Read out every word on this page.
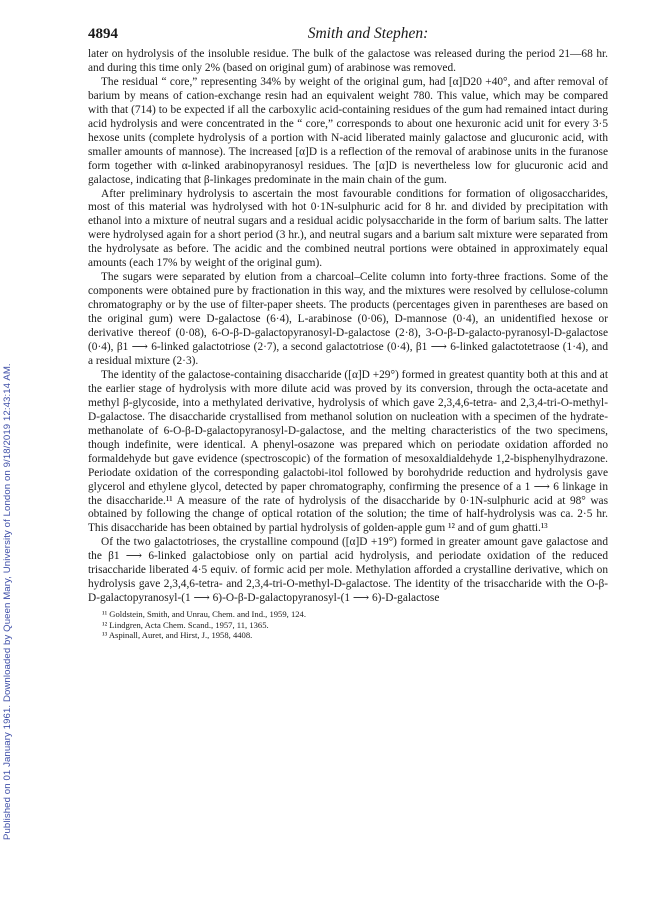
Published on 01 January 1961. Downloaded by Queen Mary, University of London on 9/18/2019 12:43:14 AM.
4894	Smith and Stephen:

later on hydrolysis of the insoluble residue. The bulk of the galactose was released during the period 21—68 hr. and during this time only 2% (based on original gum) of arabinose was removed.

The residual “ core,” representing 34% by weight of the original gum, had [α]D20 +40°, and after removal of barium by means of cation-exchange resin had an equivalent weight 780. This value, which may be compared with that (714) to be expected if all the carboxylic acid-containing residues of the gum had remained intact during acid hydrolysis and were concentrated in the “ core,” corresponds to about one hexuronic acid unit for every 3·5 hexose units (complete hydrolysis of a portion with N-acid liberated mainly galactose and glucuronic acid, with smaller amounts of mannose). The increased [α]D is a reflection of the removal of arabinose units in the furanose form together with α-linked arabinopyranosyl residues. The [α]D is nevertheless low for glucuronic acid and galactose, indicating that β-linkages predominate in the main chain of the gum.

After preliminary hydrolysis to ascertain the most favourable conditions for formation of oligosaccharides, most of this material was hydrolysed with hot 0·1N-sulphuric acid for 8 hr. and divided by precipitation with ethanol into a mixture of neutral sugars and a residual acidic polysaccharide in the form of barium salts. The latter were hydrolysed again for a short period (3 hr.), and neutral sugars and a barium salt mixture were separated from the hydrolysate as before. The acidic and the combined neutral portions were obtained in approximately equal amounts (each 17% by weight of the original gum).

The sugars were separated by elution from a charcoal–Celite column into forty-three fractions. Some of the components were obtained pure by fractionation in this way, and the mixtures were resolved by cellulose-column chromatography or by the use of filter-paper sheets. The products (percentages given in parentheses are based on the original gum) were D-galactose (6·4), L-arabinose (0·06), D-mannose (0·4), an unidentified hexose or derivative thereof (0·08), 6-O-β-D-galactopyranosyl-D-galactose (2·8), 3-O-β-D-galacto-pyranosyl-D-galactose (0·4), β1 ⟶ 6-linked galactotriose (2·7), a second galactotriose (0·4), β1 ⟶ 6-linked galactotetraose (1·4), and a residual mixture (2·3).

The identity of the galactose-containing disaccharide ([α]D +29°) formed in greatest quantity both at this and at the earlier stage of hydrolysis with more dilute acid was proved by its conversion, through the octa-acetate and methyl β-glycoside, into a methylated derivative, hydrolysis of which gave 2,3,4,6-tetra- and 2,3,4-tri-O-methyl-D-galactose. The disaccharide crystallised from methanol solution on nucleation with a specimen of the hydrate-methanolate of 6-O-β-D-galactopyranosyl-D-galactose, and the melting characteristics of the two specimens, though indefinite, were identical. A phenyl-osazone was prepared which on periodate oxidation afforded no formaldehyde but gave evidence (spectroscopic) of the formation of mesoxaldialdehyde 1,2-bisphenylhydrazone. Periodate oxidation of the corresponding galactobi-itol followed by borohydride reduction and hydrolysis gave glycerol and ethylene glycol, detected by paper chromatography, confirming the presence of a 1 ⟶ 6 linkage in the disaccharide.¹¹ A measure of the rate of hydrolysis of the disaccharide by 0·1N-sulphuric acid at 98° was obtained by following the change of optical rotation of the solution; the time of half-hydrolysis was ca. 2·5 hr. This disaccharide has been obtained by partial hydrolysis of golden-apple gum ¹² and of gum ghatti.¹³

Of the two galactotrioses, the crystalline compound ([α]D +19°) formed in greater amount gave galactose and the β1 ⟶ 6-linked galactobiose only on partial acid hydrolysis, and periodate oxidation of the reduced trisaccharide liberated 4·5 equiv. of formic acid per mole. Methylation afforded a crystalline derivative, which on hydrolysis gave 2,3,4,6-tetra- and 2,3,4-tri-O-methyl-D-galactose. The identity of the trisaccharide with the O-β-D-galactopyranosyl-(1 ⟶ 6)-O-β-D-galactopyranosyl-(1 ⟶ 6)-D-galactose

¹¹ Goldstein, Smith, and Unrau, Chem. and Ind., 1959, 124.
¹² Lindgren, Acta Chem. Scand., 1957, 11, 1365.
¹³ Aspinall, Auret, and Hirst, J., 1958, 4408.
